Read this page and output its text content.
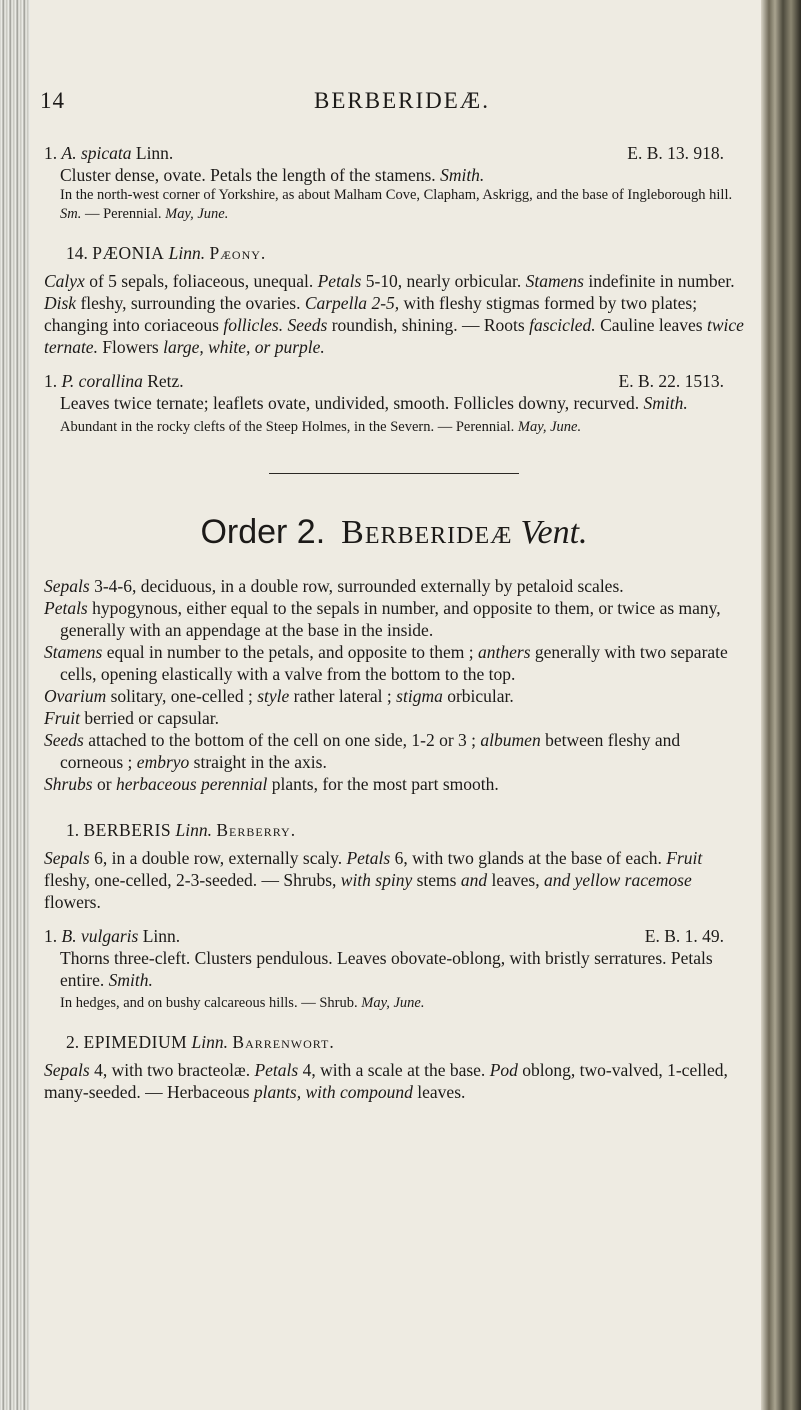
14	BERBERIDEÆ.
1. A. spicata Linn.	E. B. 13. 918.

Cluster dense, ovate. Petals the length of the stamens. Smith.

In the north-west corner of Yorkshire, as about Malham Cove, Clapham, Askrigg, and the base of Ingleborough hill. Sm. — Perennial. May, June.

14. PÆONIA Linn. Pæony.

Calyx of 5 sepals, foliaceous, unequal. Petals 5-10, nearly orbicular. Stamens indefinite in number. Disk fleshy, surrounding the ovaries. Carpella 2-5, with fleshy stigmas formed by two plates; changing into coriaceous follicles. Seeds roundish, shining. — Roots fascicled. Cauline leaves twice ternate. Flowers large, white, or purple.

1. P. corallina Retz.	E. B. 22. 1513.

Leaves twice ternate; leaflets ovate, undivided, smooth. Follicles downy, recurved. Smith.

Abundant in the rocky clefts of the Steep Holmes, in the Severn. — Perennial. May, June.

Order 2. Berberideæ Vent.

Sepals 3-4-6, deciduous, in a double row, surrounded externally by petaloid scales.

Petals hypogynous, either equal to the sepals in number, and opposite to them, or twice as many, generally with an appendage at the base in the inside.

Stamens equal in number to the petals, and opposite to them ; anthers generally with two separate cells, opening elastically with a valve from the bottom to the top.

Ovarium solitary, one-celled ; style rather lateral ; stigma orbicular.

Fruit berried or capsular.

Seeds attached to the bottom of the cell on one side, 1-2 or 3 ; albumen between fleshy and corneous ; embryo straight in the axis.

Shrubs or herbaceous perennial plants, for the most part smooth.

1. BERBERIS Linn. Berberry.

Sepals 6, in a double row, externally scaly. Petals 6, with two glands at the base of each. Fruit fleshy, one-celled, 2-3-seeded. — Shrubs, with spiny stems and leaves, and yellow racemose flowers.

1. B. vulgaris Linn.	E. B. 1. 49.

Thorns three-cleft. Clusters pendulous. Leaves obovate-oblong, with bristly serratures. Petals entire. Smith.

In hedges, and on bushy calcareous hills. — Shrub. May, June.

2. EPIMEDIUM Linn. Barrenwort.

Sepals 4, with two bracteolæ. Petals 4, with a scale at the base. Pod oblong, two-valved, 1-celled, many-seeded. — Herbaceous plants, with compound leaves.
